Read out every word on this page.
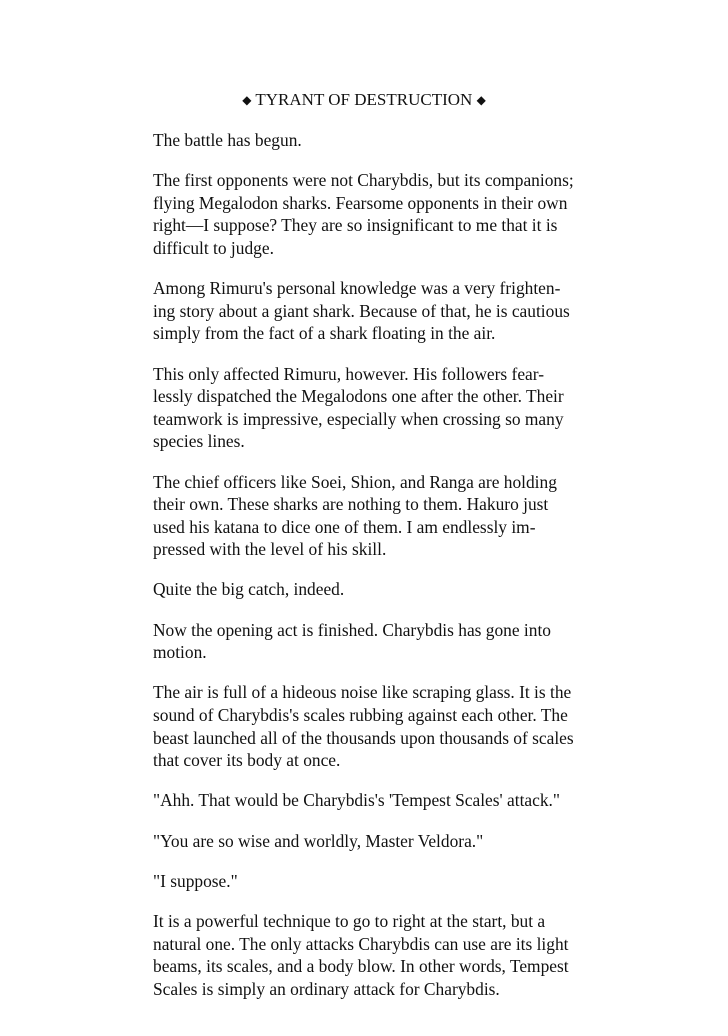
◆ TYRANT OF DESTRUCTION ◆

The battle has begun.

The first opponents were not Charybdis, but its companions;
flying Megalodon sharks. Fearsome opponents in their own
right—I suppose? They are so insignificant to me that it is
difficult to judge.

Among Rimuru's personal knowledge was a very frighten-
ing story about a giant shark. Because of that, he is cautious
simply from the fact of a shark floating in the air.

This only affected Rimuru, however. His followers fear-
lessly dispatched the Megalodons one after the other. Their
teamwork is impressive, especially when crossing so many
species lines.

The chief officers like Soei, Shion, and Ranga are holding
their own. These sharks are nothing to them. Hakuro just
used his katana to dice one of them. I am endlessly im-
pressed with the level of his skill.

Quite the big catch, indeed.

Now the opening act is finished. Charybdis has gone into
motion.

The air is full of a hideous noise like scraping glass. It is the
sound of Charybdis's scales rubbing against each other. The
beast launched all of the thousands upon thousands of scales
that cover its body at once.

"Ahh. That would be Charybdis's 'Tempest Scales' attack."

"You are so wise and worldly, Master Veldora."

"I suppose."

It is a powerful technique to go to right at the start, but a
natural one. The only attacks Charybdis can use are its light
beams, its scales, and a body blow. In other words, Tempest
Scales is simply an ordinary attack for Charybdis.
